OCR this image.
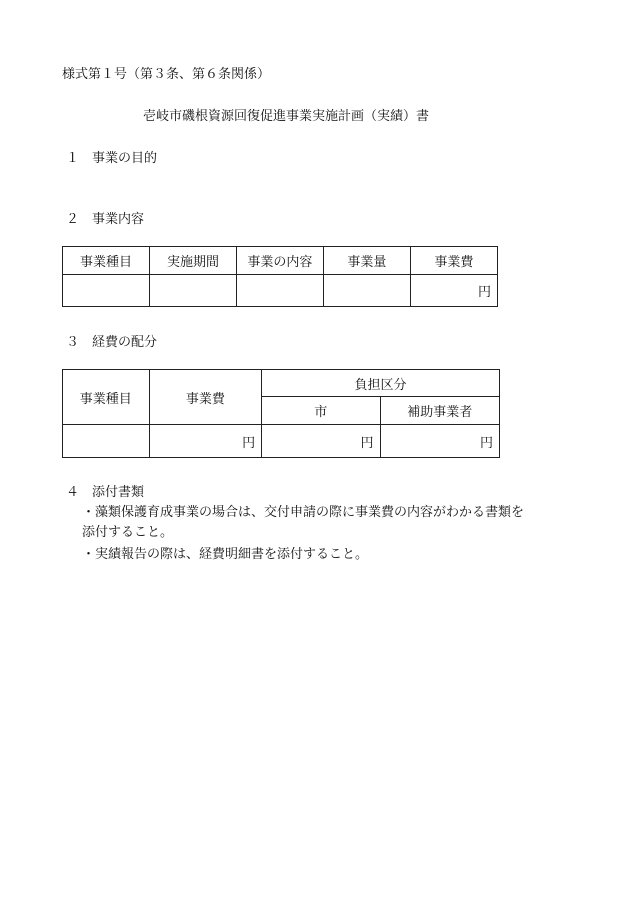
様式第１号（第３条、第６条関係）
壱岐市磯根資源回復促進事業実施計画（実績）書
１ 事業の目的
２ 事業内容
事業種目	実施期間	事業の内容	事業量	事業費
				円
３ 経費の配分
事業種目	事業費	負担区分	
		市	補助事業者
	円	円	円
４ 添付書類
・藻類保護育成事業の場合は、交付申請の際に事業費の内容がわかる書類を
添付すること。
・実績報告の際は、経費明細書を添付すること。
